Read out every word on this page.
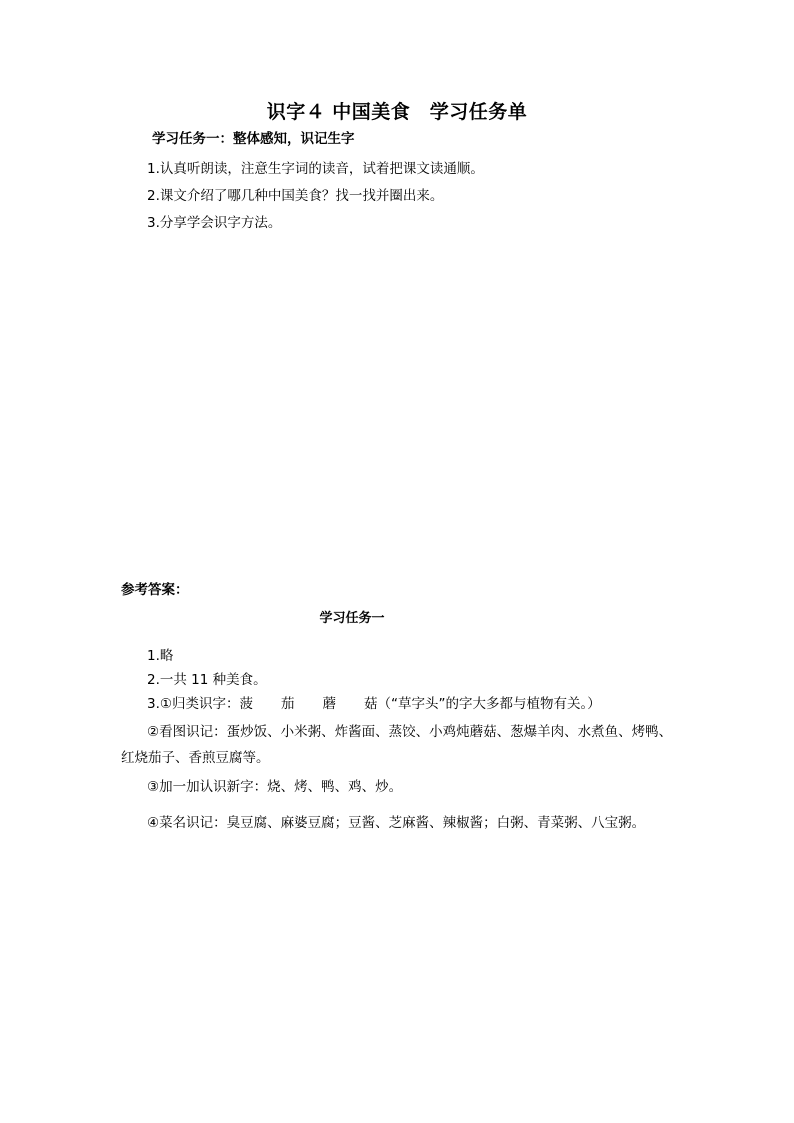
识字４ 中国美食　学习任务单
学习任务一：整体感知，识记生字
1.认真听朗读，注意生字词的读音，试着把课文读通顺。
2.课文介绍了哪几种中国美食？找一找并圈出来。
3.分享学会识字方法。
参考答案：
学习任务一
1.略
2.一共 11 种美食。
3.①归类识字：菠 茄 蘑 菇（“草字头”的字大多都与植物有关。）
②看图识记：蛋炒饭、小米粥、炸酱面、蒸饺、小鸡炖蘑菇、葱爆羊肉、水煮鱼、烤鸭、
红烧茄子、香煎豆腐等。
③加一加认识新字：烧、烤、鸭、鸡、炒。
④菜名识记：臭豆腐、麻婆豆腐；豆酱、芝麻酱、辣椒酱；白粥、青菜粥、八宝粥。
